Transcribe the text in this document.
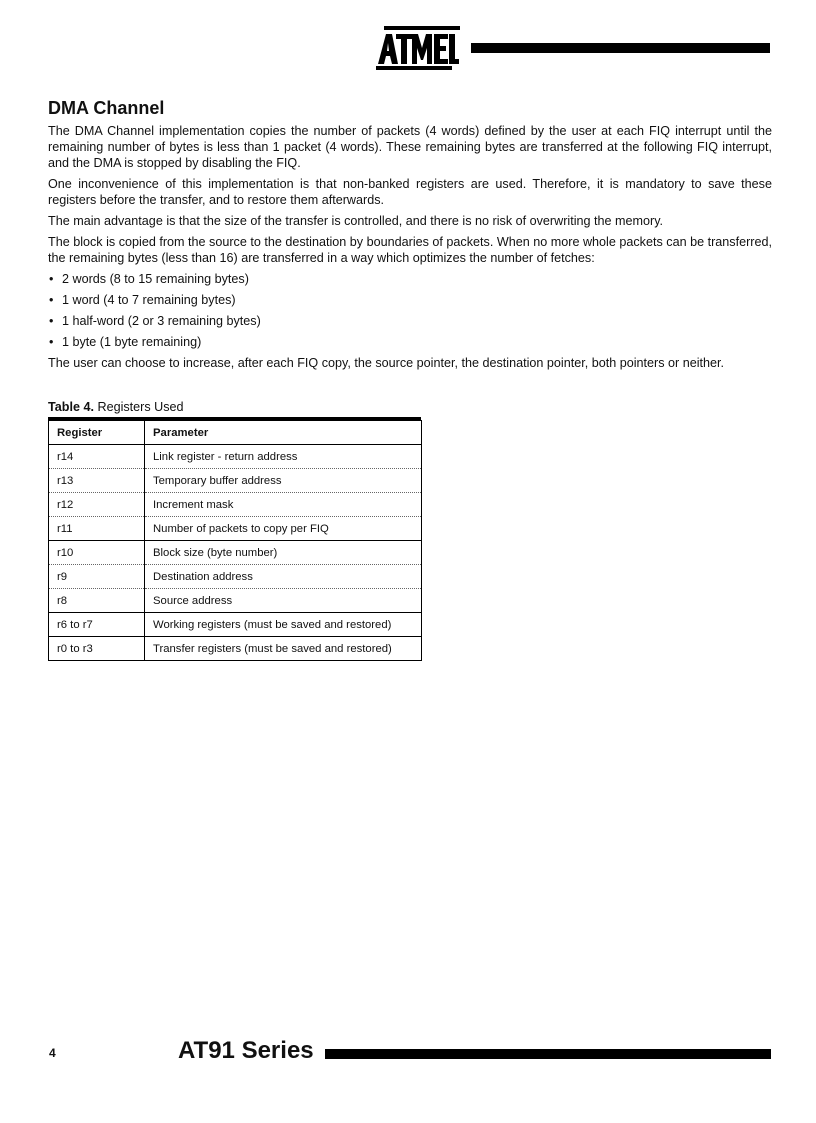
DMA Channel

The DMA Channel implementation copies the number of packets (4 words) defined by the user at each FIQ interrupt until the remaining number of bytes is less than 1 packet (4 words). These remaining bytes are transferred at the following FIQ interrupt, and the DMA is stopped by disabling the FIQ.

One inconvenience of this implementation is that non-banked registers are used. Therefore, it is mandatory to save these registers before the transfer, and to restore them afterwards.

The main advantage is that the size of the transfer is controlled, and there is no risk of overwriting the memory.

The block is copied from the source to the destination by boundaries of packets. When no more whole packets can be transferred, the remaining bytes (less than 16) are transferred in a way which optimizes the number of fetches:

• 2 words (8 to 15 remaining bytes)
• 1 word (4 to 7 remaining bytes)
• 1 half-word (2 or 3 remaining bytes)
• 1 byte (1 byte remaining)

The user can choose to increase, after each FIQ copy, the source pointer, the destination pointer, both pointers or neither.

Table 4. Registers Used
Register	Parameter
r14	Link register - return address
r13	Temporary buffer address
r12	Increment mask
r11	Number of packets to copy per FIQ
r10	Block size (byte number)
r9	Destination address
r8	Source address
r6 to r7	Working registers (must be saved and restored)
r0 to r3	Transfer registers (must be saved and restored)
4	AT91 Series
